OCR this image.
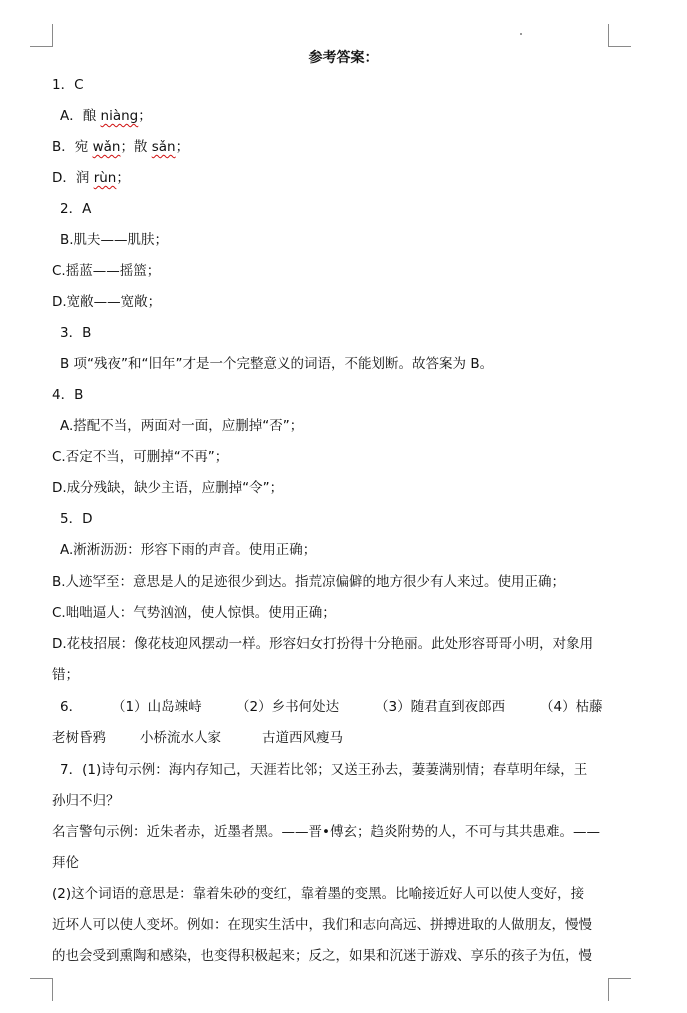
参考答案：
1．C
A．酿 niàng；
B．宛 wǎn；散 sǎn；
D．润 rùn；
2．A
B.肌夫——肌肤；
C.摇蓝——摇篮；
D.宽敝——宽敞；
3．B
B 项“残夜”和“旧年”才是一个完整意义的词语，不能划断。故答案为 B。
4．B
A.搭配不当，两面对一面，应删掉“否”；
C.否定不当，可删掉“不再”；
D.成分残缺，缺少主语，应删掉“令”；
5．D
A.淅淅沥沥：形容下雨的声音。使用正确；
B.人迹罕至：意思是人的足迹很少到达。指荒凉偏僻的地方很少有人来过。使用正确；
C.咄咄逼人：气势汹汹，使人惊惧。使用正确；
D.花枝招展：像花枝迎风摆动一样。形容妇女打扮得十分艳丽。此处形容哥哥小明，对象用
错；
6． （1）山岛竦峙	（2）乡书何处达	（3）随君直到夜郎西	（4）枯藤
老树昏鸦	小桥流水人家	古道西风瘦马
7．(1)诗句示例：海内存知己，天涯若比邻；又送王孙去，萋萋满别情；春草明年绿，王
孙归不归？
名言警句示例：近朱者赤，近墨者黑。——晋•傅玄；趋炎附势的人，不可与其共患难。——
拜伦
(2)这个词语的意思是：靠着朱砂的变红，靠着墨的变黑。比喻接近好人可以使人变好，接
近坏人可以使人变坏。例如：在现实生活中，我们和志向高远、拼搏进取的人做朋友，慢慢
的也会受到熏陶和感染，也变得积极起来；反之，如果和沉迷于游戏、享乐的孩子为伍，慢
